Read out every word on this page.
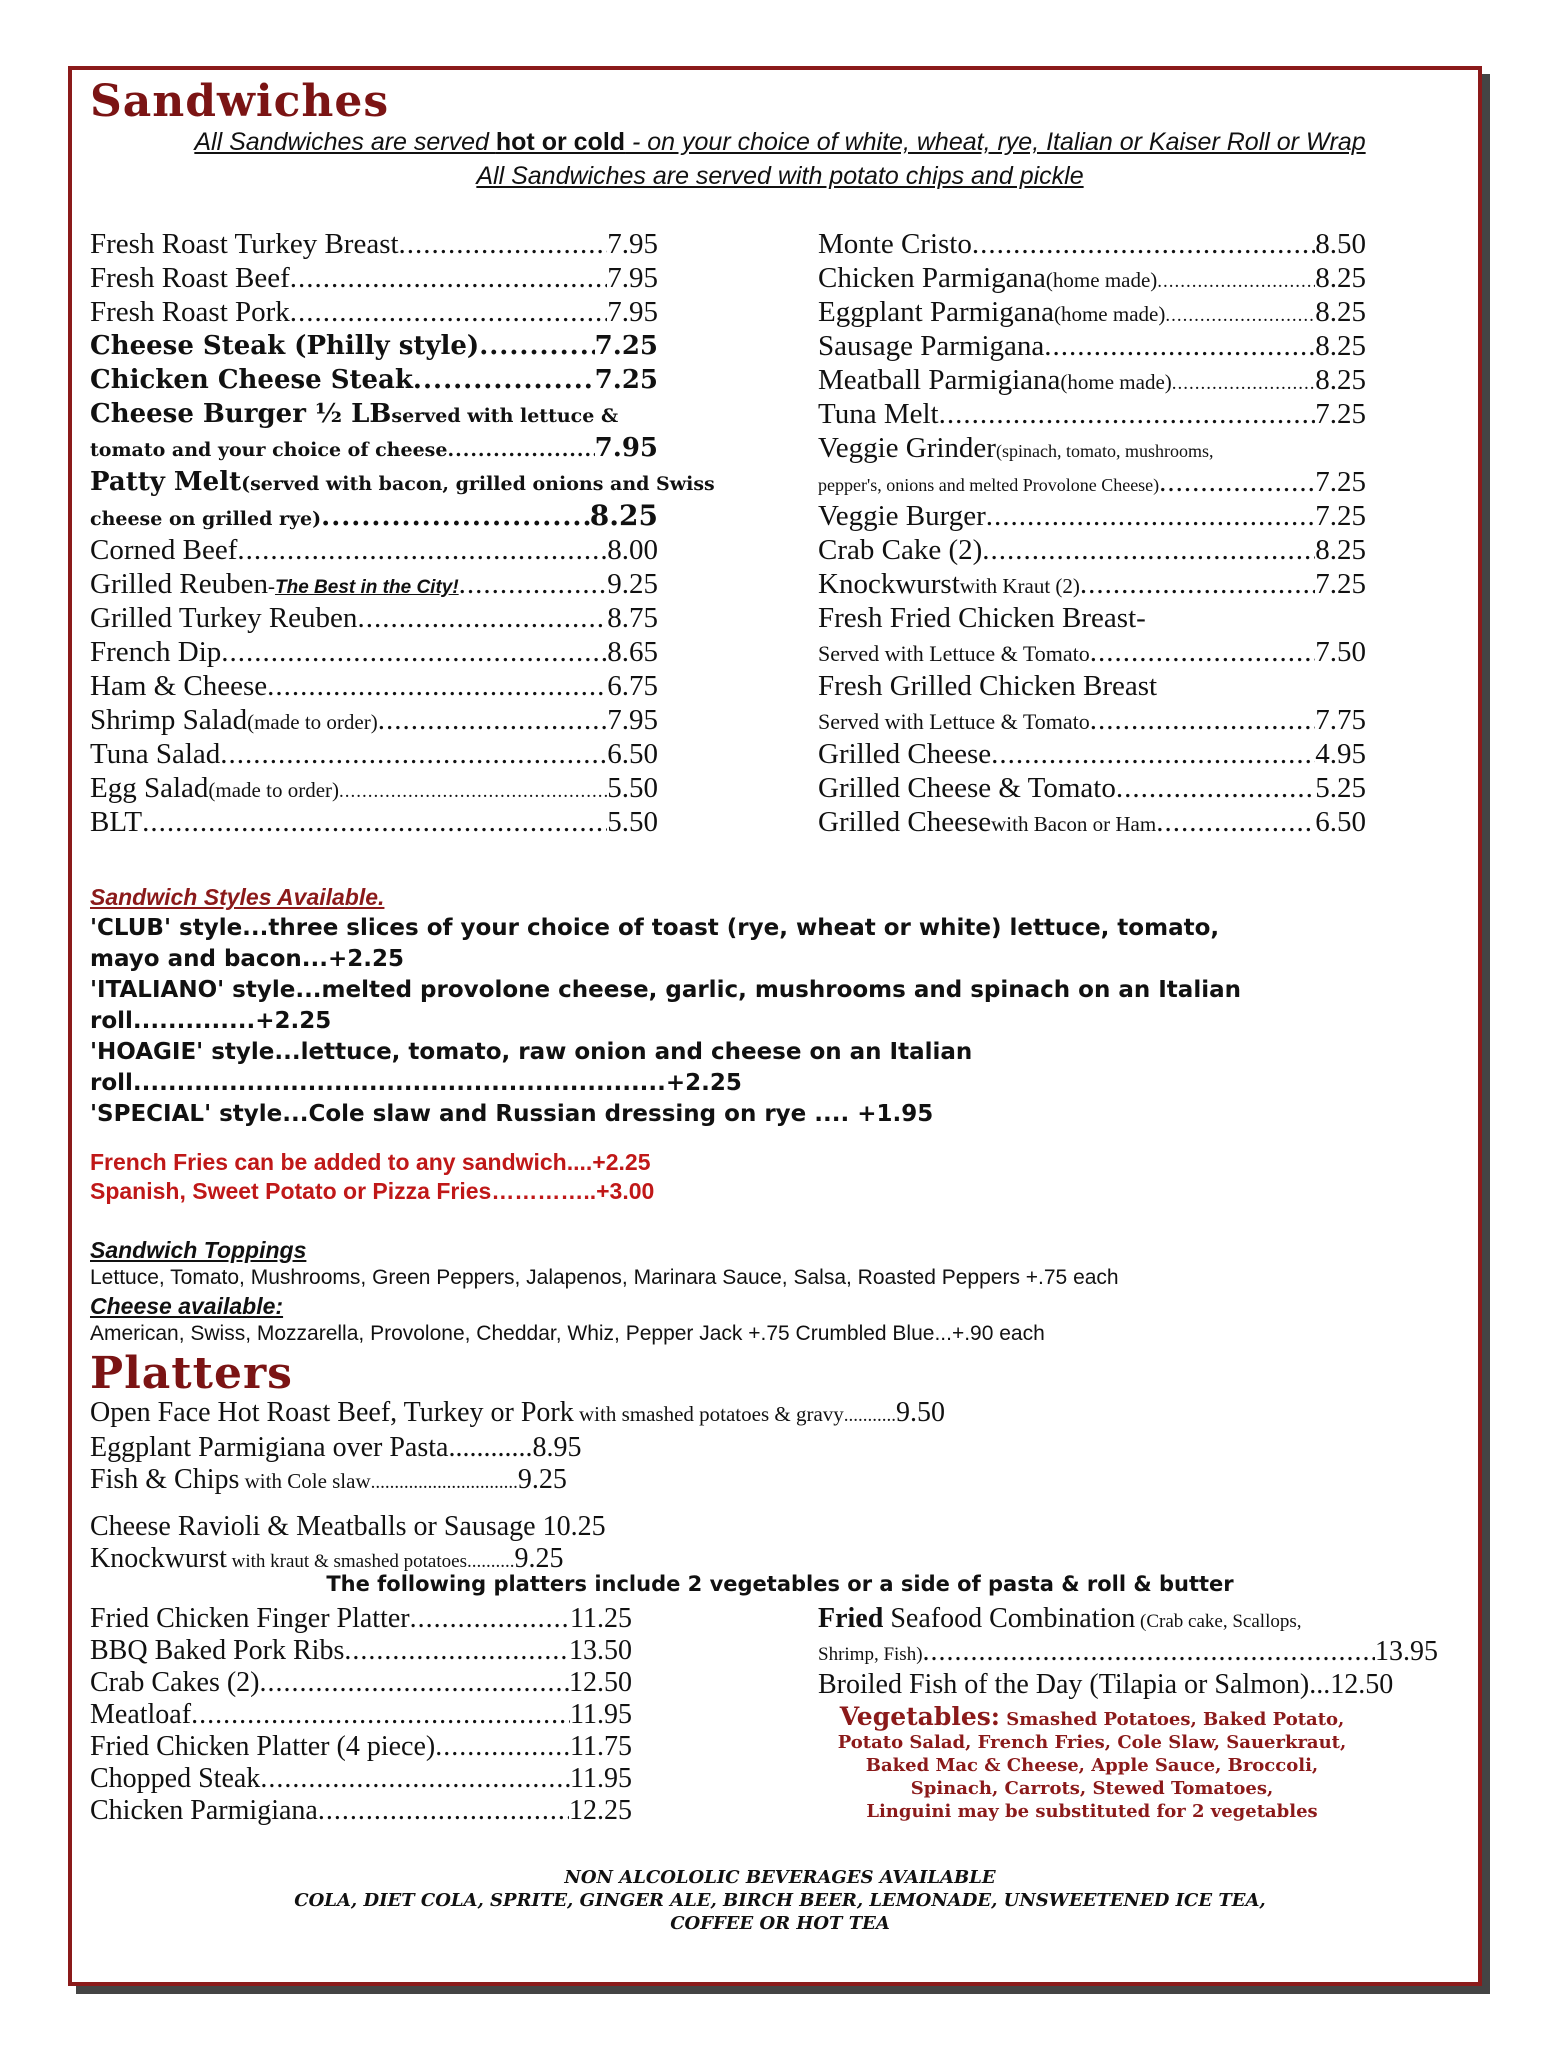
Sandwiches
All Sandwiches are served hot or cold - on your choice of white, wheat, rye, Italian or Kaiser Roll or Wrap
All Sandwiches are served with potato chips and pickle
Fresh Roast Turkey Breast .....	7.95
Fresh Roast Beef .....	7.95
Fresh Roast Pork .....	7.95
Cheese Steak (Philly style) .....	7.25
Chicken Cheese Steak .....	7.25
Cheese Burger ½ LB served with lettuce &
tomato and your choice of cheese .....	7.95
Patty Melt (served with bacon, grilled onions and Swiss
cheese on grilled rye) .....	8.25
Corned Beef .....	8.00
Grilled Reuben - The Best in the City! .....	9.25
Grilled Turkey Reuben .....	8.75
French Dip .....	8.65
Ham & Cheese .....	6.75
Shrimp Salad (made to order) .....	7.95
Tuna Salad .....	6.50
Egg Salad (made to order) .....	5.50
BLT .....	5.50
Monte Cristo .....	8.50
Chicken Parmigana (home made) .....	8.25
Eggplant Parmigana (home made) .....	8.25
Sausage Parmigana .....	8.25
Meatball Parmigiana (home made) .....	8.25
Tuna Melt .....	7.25
Veggie Grinder (spinach, tomato, mushrooms,
pepper's, onions and melted Provolone Cheese) .....	7.25
Veggie Burger .....	7.25
Crab Cake (2) .....	8.25
Knockwurst with Kraut (2) .....	7.25
Fresh Fried Chicken Breast-
Served with Lettuce & Tomato .....	7.50
Fresh Grilled Chicken Breast
Served with Lettuce & Tomato .....	7.75
Grilled Cheese .....	4.95
Grilled Cheese & Tomato .....	5.25
Grilled Cheese with Bacon or Ham .....	6.50
Sandwich Styles Available.
'CLUB' style...three slices of your choice of toast (rye, wheat or white) lettuce, tomato,
mayo and bacon...+2.25
'ITALIANO' style...melted provolone cheese, garlic, mushrooms and spinach on an Italian
roll..............+2.25
'HOAGIE' style...lettuce, tomato, raw onion and cheese on an Italian
roll.............................................................+2.25
'SPECIAL' style...Cole slaw and Russian dressing on rye .... +1.95
French Fries can be added to any sandwich....+2.25
Spanish, Sweet Potato or Pizza Fries…………..+3.00
Sandwich Toppings
Lettuce, Tomato, Mushrooms, Green Peppers, Jalapenos, Marinara Sauce, Salsa, Roasted Peppers +.75 each
Cheese available:
American, Swiss, Mozzarella, Provolone, Cheddar, Whiz, Pepper Jack +.75 Crumbled Blue...+.90 each
Platters
Open Face Hot Roast Beef, Turkey or Pork with smashed potatoes & gravy...........9.50
Eggplant Parmigiana over Pasta............8.95
Fish & Chips with Cole slaw...............................9.25
Cheese Ravioli & Meatballs or Sausage 10.25
Knockwurst with kraut & smashed potatoes..........9.25
The following platters include 2 vegetables or a side of pasta & roll & butter
Fried Chicken Finger Platter .....	11.25
BBQ Baked Pork Ribs .....	13.50
Crab Cakes (2) .....	12.50
Meatloaf .....	11.95
Fried Chicken Platter (4 piece) .....	11.75
Chopped Steak .....	11.95
Chicken Parmigiana .....	12.25
Fried Seafood Combination (Crab cake, Scallops,
Shrimp, Fish) .....	13.95
Broiled Fish of the Day (Tilapia or Salmon)...12.50
Vegetables: Smashed Potatoes, Baked Potato,
Potato Salad, French Fries, Cole Slaw, Sauerkraut,
Baked Mac & Cheese, Apple Sauce, Broccoli,
Spinach, Carrots, Stewed Tomatoes,
Linguini may be substituted for 2 vegetables
NON ALCOLOLIC BEVERAGES AVAILABLE
COLA, DIET COLA, SPRITE, GINGER ALE, BIRCH BEER, LEMONADE, UNSWEETENED ICE TEA,
COFFEE OR HOT TEA
